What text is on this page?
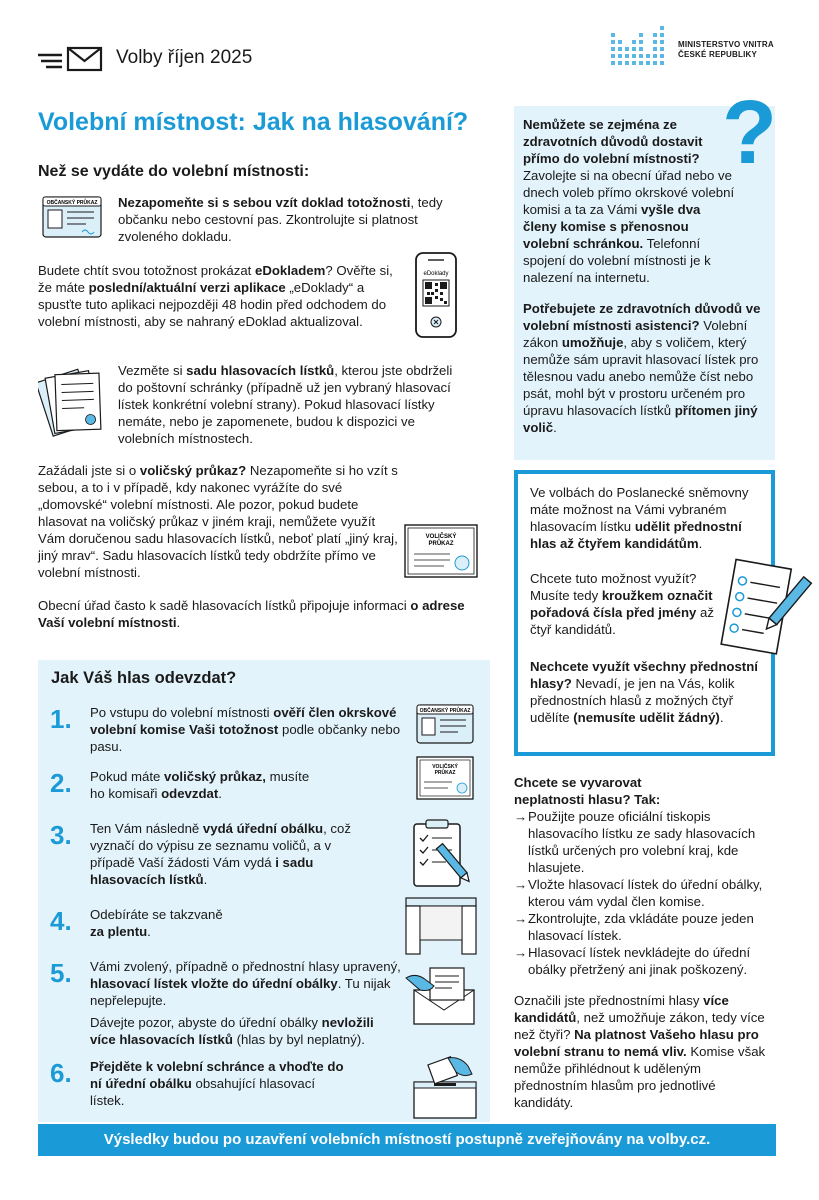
Volby říjen 2025
MINISTERSTVO VNITRA
ČESKÉ REPUBLIKY
Volební místnost: Jak na hlasování?
Než se vydáte do volební místnosti:
OBČANSKÝ PRŮKAZ Nezapomeňte si s sebou vzít doklad totožnosti, tedy občanku nebo cestovní pas. Zkontrolujte si platnost zvoleného dokladu.
Budete chtít svou totožnost prokázat eDokladem? Ověřte si, že máte poslední/aktuální verzi aplikace „eDoklady“ a spusťte tuto aplikaci nejpozději 48 hodin před odchodem do volební místnosti, aby se nahraný eDoklad aktualizoval.
eDoklady
Vezměte si sadu hlasovacích lístků, kterou jste obdrželi do poštovní schránky (případně už jen vybraný hlasovací lístek konkrétní volební strany). Pokud hlasovací lístky nemáte, nebo je zapomenete, budou k dispozici ve volebních místnostech.
Zažádali jste si o voličský průkaz? Nezapomeňte si ho vzít s sebou, a to i v případě, kdy nakonec vyrážíte do své „domovské“ volební místnosti. Ale pozor, pokud budete hlasovat na voličský průkaz v jiném kraji, nemůžete využít Vám doručenou sadu hlasovacích lístků, neboť platí „jiný kraj, jiný mrav“. Sadu hlasovacích lístků tedy obdržíte přímo ve volební místnosti.
VOLIČSKÝ
PRŮKAZ
Obecní úřad často k sadě hlasovacích lístků připojuje informaci o adrese Vaší volební místnosti.
Jak Váš hlas odevzdat?
1. Po vstupu do volební místnosti ověří člen okrskové volební komise Vaši totožnost podle občanky nebo pasu.
OBČANSKÝ PRŮKAZ
2. Pokud máte voličský průkaz, musíte ho komisaři odevzdat.
VOLIČSKÝ
PRŮKAZ
3. Ten Vám následně vydá úřední obálku, což vyznačí do výpisu ze seznamu voličů, a v případě Vaší žádosti Vám vydá i sadu hlasovacích lístků.
4. Odebíráte se takzvaně za plentu.
5. Vámi zvolený, případně o přednostní hlasy upravený, hlasovací lístek vložte do úřední obálky. Tu nijak nepřelepujte.
Dávejte pozor, abyste do úřední obálky nevložili více hlasovacích lístků (hlas by byl neplatný).
6. Přejděte k volební schránce a vhoďte do ní úřední obálku obsahující hlasovací lístek.
?
Nemůžete se zejména ze zdravotních důvodů dostavit přímo do volební místnosti? Zavolejte si na obecní úřad nebo ve dnech voleb přímo okrskové volební komisi a ta za Vámi vyšle dva členy komise s přenosnou volební schránkou. Telefonní spojení do volební místnosti je k nalezení na internetu.
Potřebujete ze zdravotních důvodů ve volební místnosti asistenci? Volební zákon umožňuje, aby s voličem, který nemůže sám upravit hlasovací lístek pro tělesnou vadu anebo nemůže číst nebo psát, mohl být v prostoru určeném pro úpravu hlasovacích lístků přítomen jiný volič.
Ve volbách do Poslanecké sněmovny máte možnost na Vámi vybraném hlasovacím lístku udělit přednostní hlas až čtyřem kandidátům.
Chcete tuto možnost využít? Musíte tedy kroužkem označit pořadová čísla před jmény až čtyř kandidátů.
Nechcete využít všechny přednostní hlasy? Nevadí, je jen na Vás, kolik přednostních hlasů z možných čtyř udělíte (nemusíte udělit žádný).
Chcete se vyvarovat neplatnosti hlasu? Tak:
→ Použijte pouze oficiální tiskopis hlasovacího lístku ze sady hlasovacích lístků určených pro volební kraj, kde hlasujete.
→ Vložte hlasovací lístek do úřední obálky, kterou vám vydal člen komise.
→ Zkontrolujte, zda vkládáte pouze jeden hlasovací lístek.
→ Hlasovací lístek nevkládejte do úřední obálky přetržený ani jinak poškozený.
Označili jste přednostními hlasy více kandidátů, než umožňuje zákon, tedy více než čtyři? Na platnost Vašeho hlasu pro volební stranu to nemá vliv. Komise však nemůže přihlédnout k uděleným přednostním hlasům pro jednotlivé kandidáty.
Výsledky budou po uzavření volebních místností postupně zveřejňovány na volby.cz.
